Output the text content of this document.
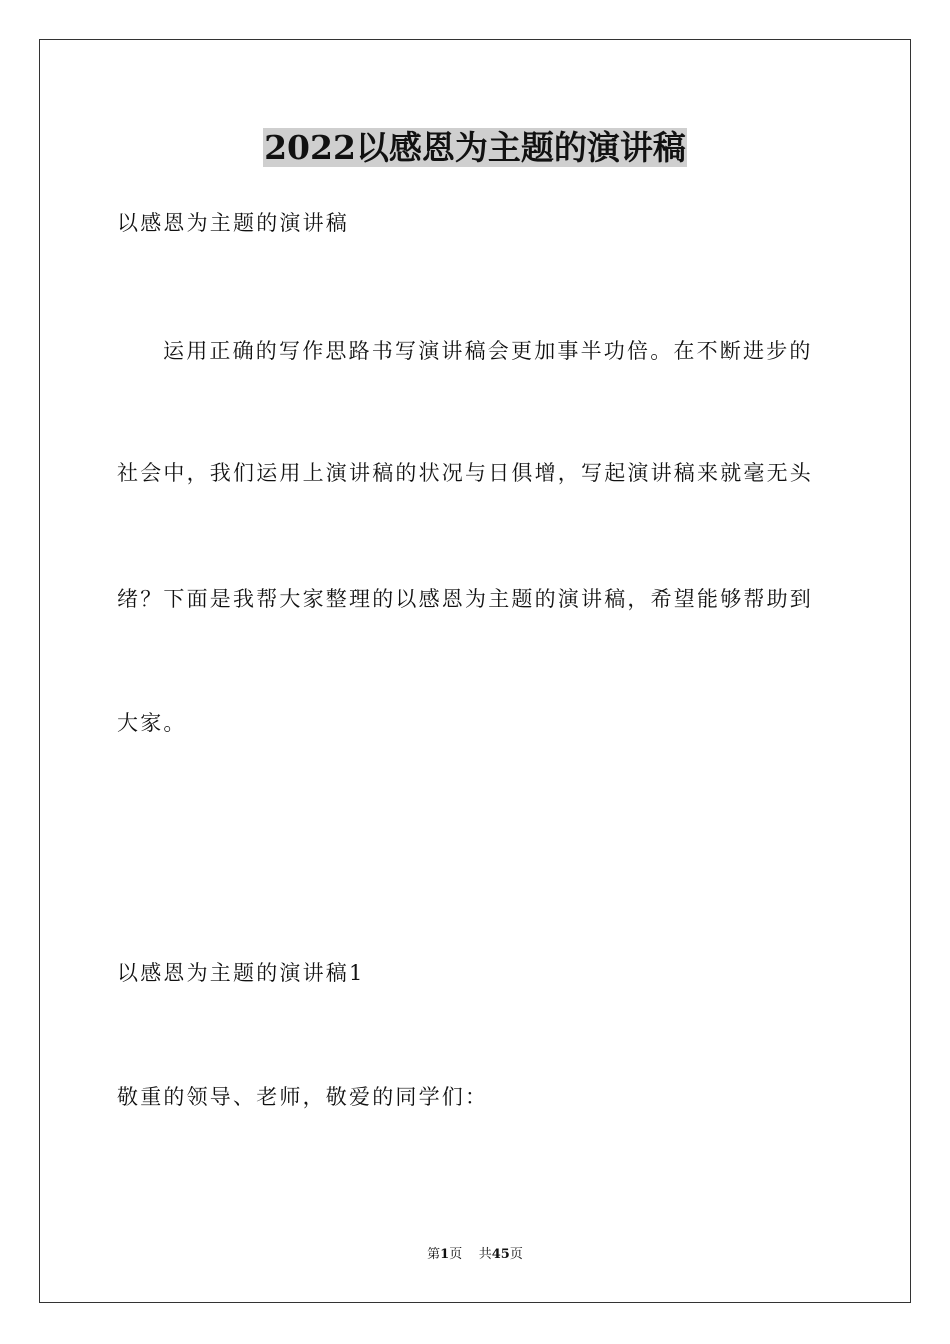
2022以感恩为主题的演讲稿
以感恩为主题的演讲稿
运用正确的写作思路书写演讲稿会更加事半功倍。在不断进步的
社会中，我们运用上演讲稿的状况与日俱增，写起演讲稿来就毫无头
绪？下面是我帮大家整理的以感恩为主题的演讲稿，希望能够帮助到
大家。
以感恩为主题的演讲稿1
敬重的领导、老师，敬爱的同学们：
第1页 共45页
